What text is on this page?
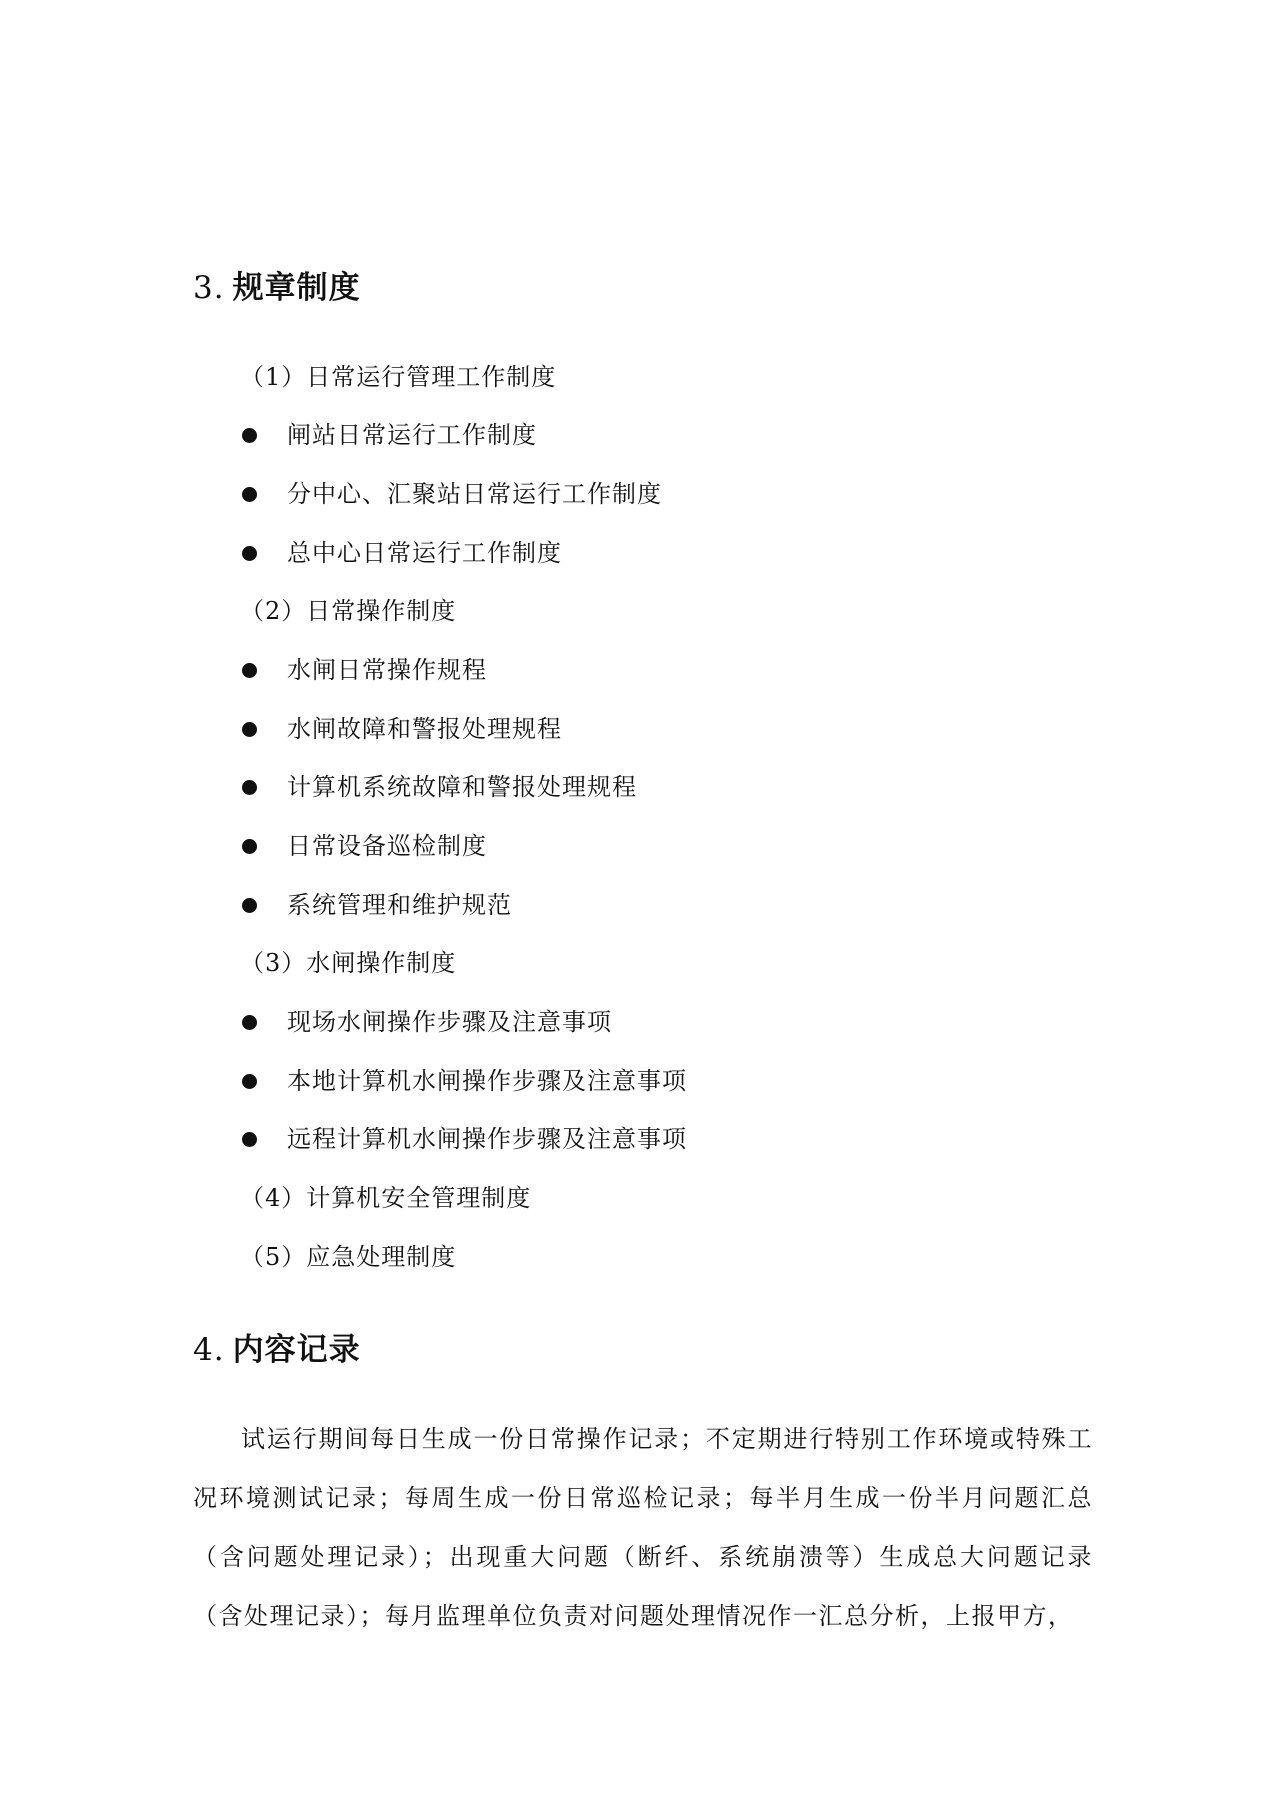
3. 规章制度
（1）日常运行管理工作制度
闸站日常运行工作制度
分中心、汇聚站日常运行工作制度
总中心日常运行工作制度
（2）日常操作制度
水闸日常操作规程
水闸故障和警报处理规程
计算机系统故障和警报处理规程
日常设备巡检制度
系统管理和维护规范
（3）水闸操作制度
现场水闸操作步骤及注意事项
本地计算机水闸操作步骤及注意事项
远程计算机水闸操作步骤及注意事项
（4）计算机安全管理制度
（5）应急处理制度
4. 内容记录
试运行期间每日生成一份日常操作记录；不定期进行特别工作环境或特殊工况环境测试记录；每周生成一份日常巡检记录；每半月生成一份半月问题汇总（含问题处理记录）；出现重大问题（断纤、系统崩溃等）生成总大问题记录（含处理记录）；每月监理单位负责对问题处理情况作一汇总分析，上报甲方，
